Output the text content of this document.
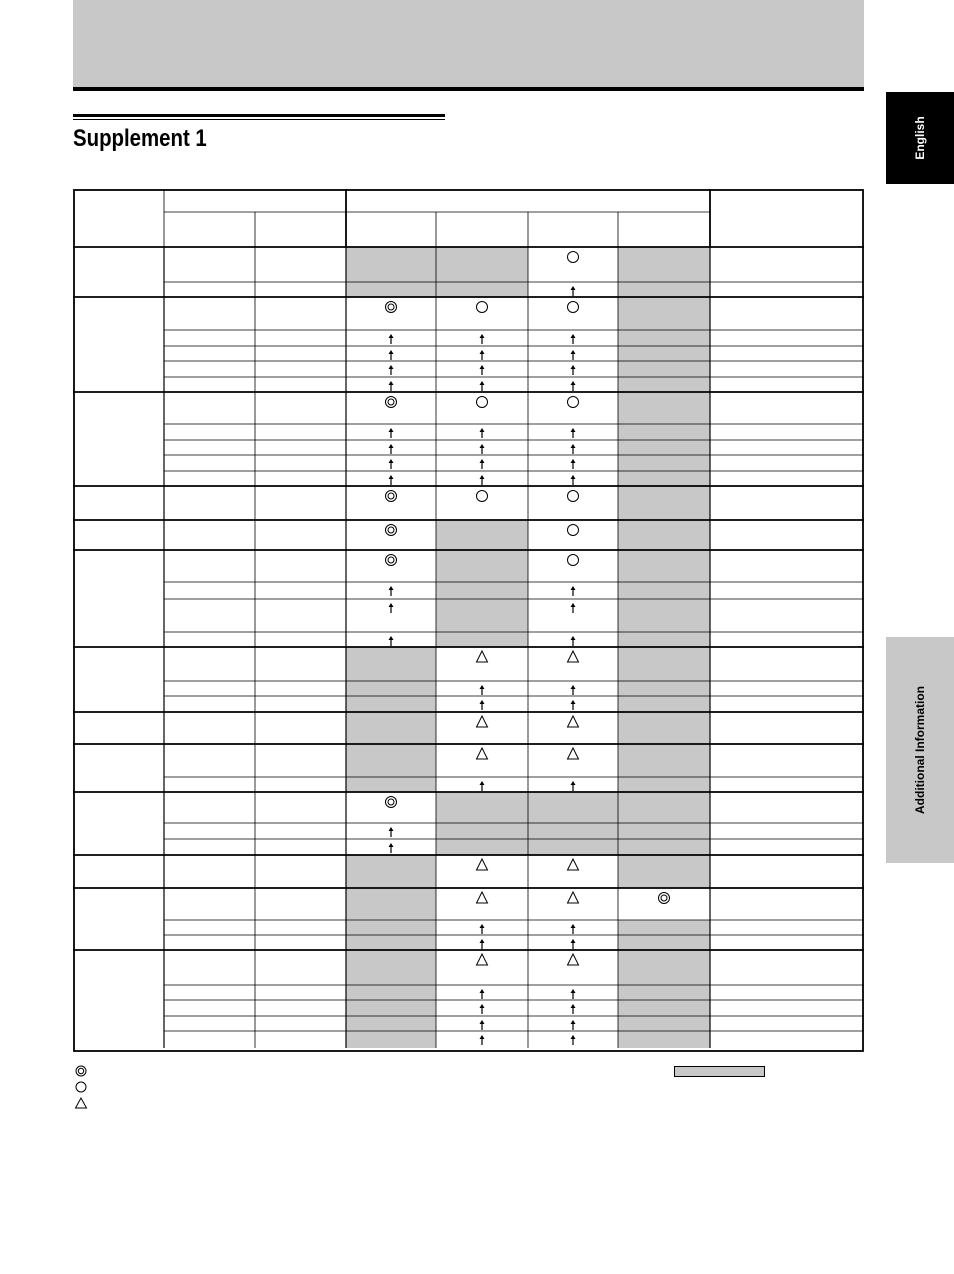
Supplement 1	English
Additional Information
